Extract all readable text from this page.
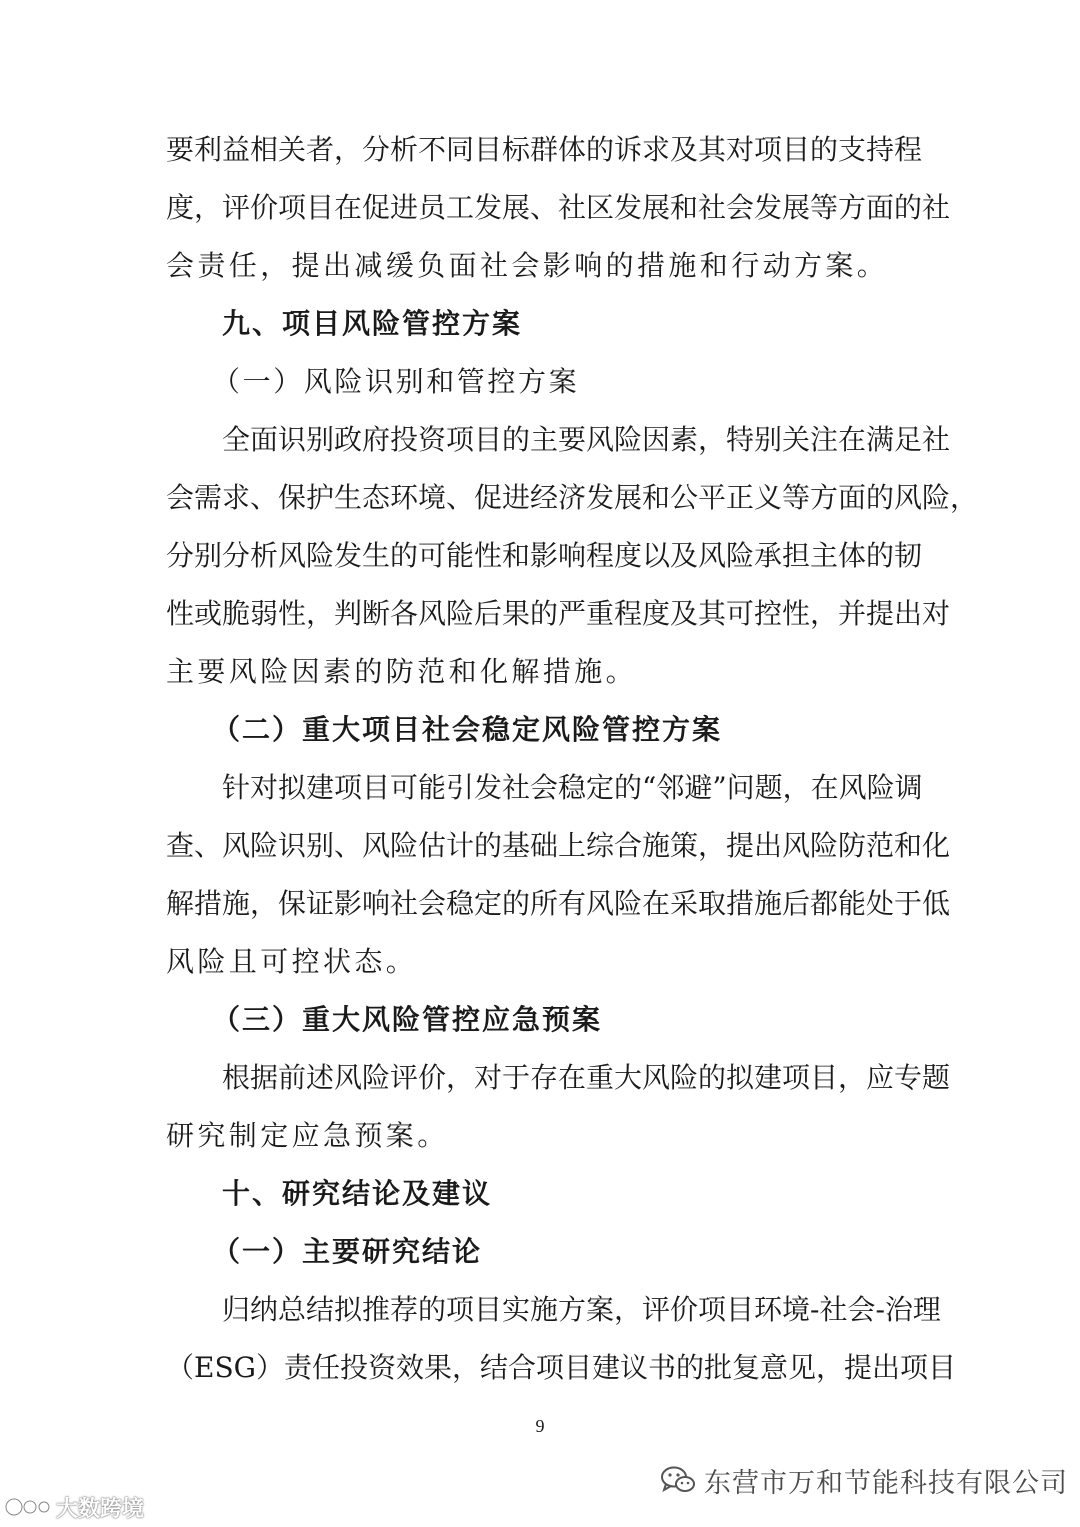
要利益相关者，分析不同目标群体的诉求及其对项目的支持程
度，评价项目在促进员工发展、社区发展和社会发展等方面的社
会责任，提出减缓负面社会影响的措施和行动方案。
九、项目风险管控方案
（一）风险识别和管控方案
全面识别政府投资项目的主要风险因素，特别关注在满足社
会需求、保护生态环境、促进经济发展和公平正义等方面的风险，
分别分析风险发生的可能性和影响程度以及风险承担主体的韧
性或脆弱性，判断各风险后果的严重程度及其可控性，并提出对
主要风险因素的防范和化解措施。
（二）重大项目社会稳定风险管控方案
针对拟建项目可能引发社会稳定的“邻避”问题，在风险调
查、风险识别、风险估计的基础上综合施策，提出风险防范和化
解措施，保证影响社会稳定的所有风险在采取措施后都能处于低
风险且可控状态。
（三）重大风险管控应急预案
根据前述风险评价，对于存在重大风险的拟建项目，应专题
研究制定应急预案。
十、研究结论及建议
（一）主要研究结论
归纳总结拟推荐的项目实施方案，评价项目环境-社会-治理
（ESG）责任投资效果，结合项目建议书的批复意见，提出项目
9
东营市万和节能科技有限公司
大数跨境
